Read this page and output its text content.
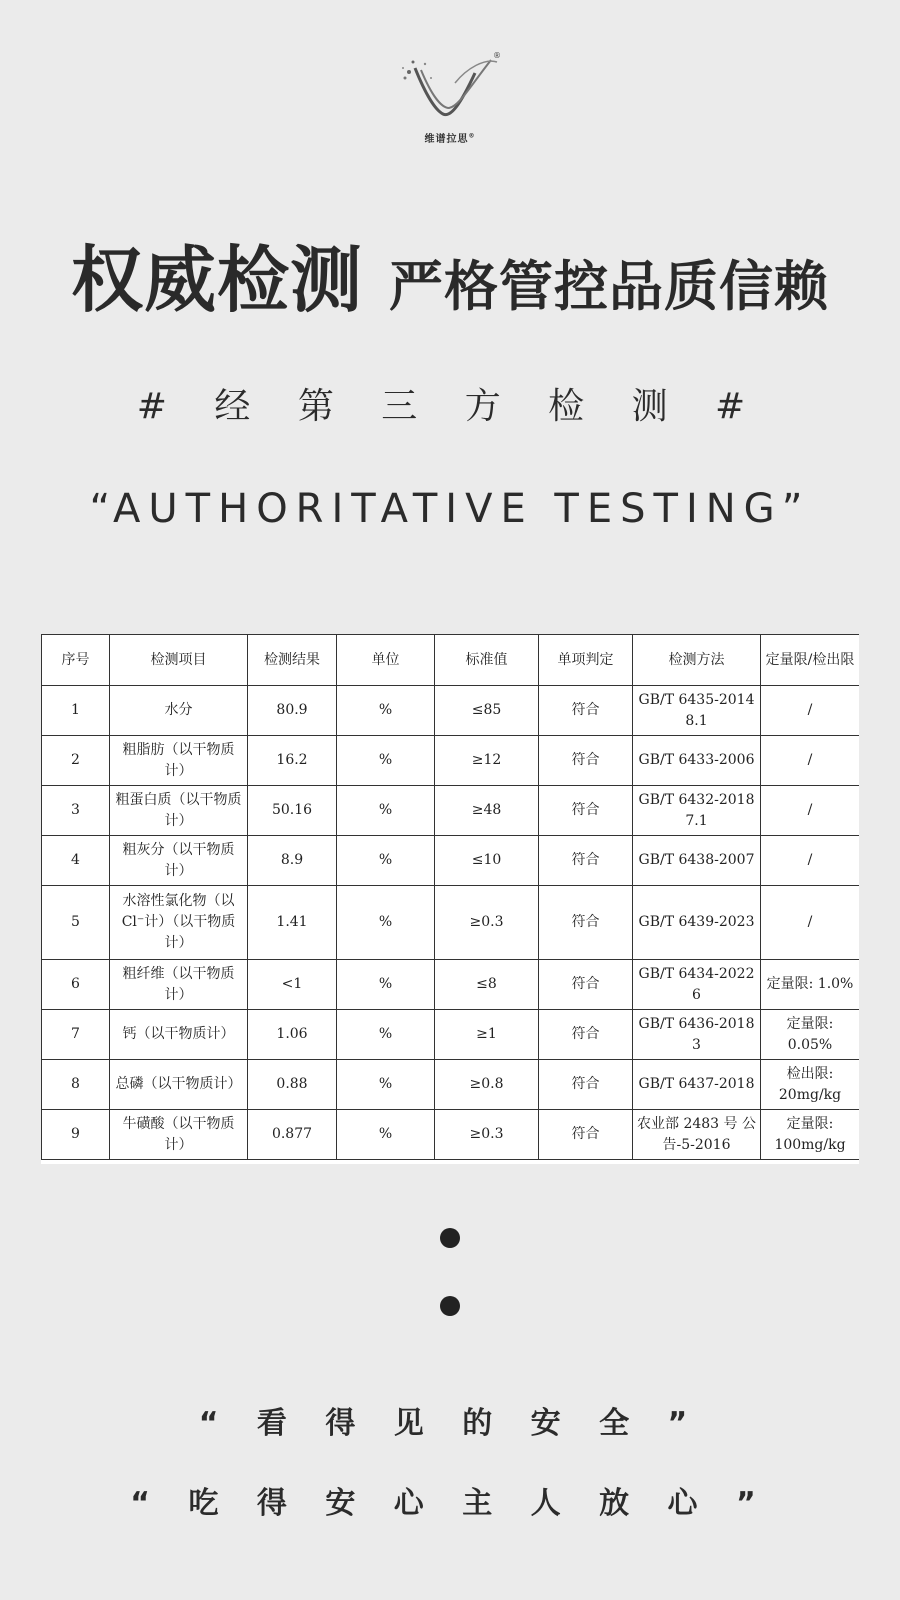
®
维谱拉思®
权威检测 严格管控品质信赖
# 经 第 三 方 检 测 #
“AUTHORITATIVE TESTING”
序号	检测项目	检测结果	单位	标准值	单项判定	检测方法	定量限/检出限
1	水分	80.9	%	≤85	符合	GB/T 6435-2014 8.1	/
2	粗脂肪（以干物质计）	16.2	%	≥12	符合	GB/T 6433-2006	/
3	粗蛋白质（以干物质计）	50.16	%	≥48	符合	GB/T 6432-2018 7.1	/
4	粗灰分（以干物质计）	8.9	%	≤10	符合	GB/T 6438-2007	/
5	水溶性氯化物（以Cl⁻计）（以干物质计）	1.41	%	≥0.3	符合	GB/T 6439-2023	/
6	粗纤维（以干物质计）	<1	%	≤8	符合	GB/T 6434-2022 6	定量限: 1.0%
7	钙（以干物质计）	1.06	%	≥1	符合	GB/T 6436-2018 3	定量限: 0.05%
8	总磷（以干物质计）	0.88	%	≥0.8	符合	GB/T 6437-2018	检出限: 20mg/kg
9	牛磺酸（以干物质计）	0.877	%	≥0.3	符合	农业部 2483 号 公告-5-2016	定量限: 100mg/kg
“ 看 得 见 的 安 全 ”
“ 吃 得 安 心 主 人 放 心 ”
